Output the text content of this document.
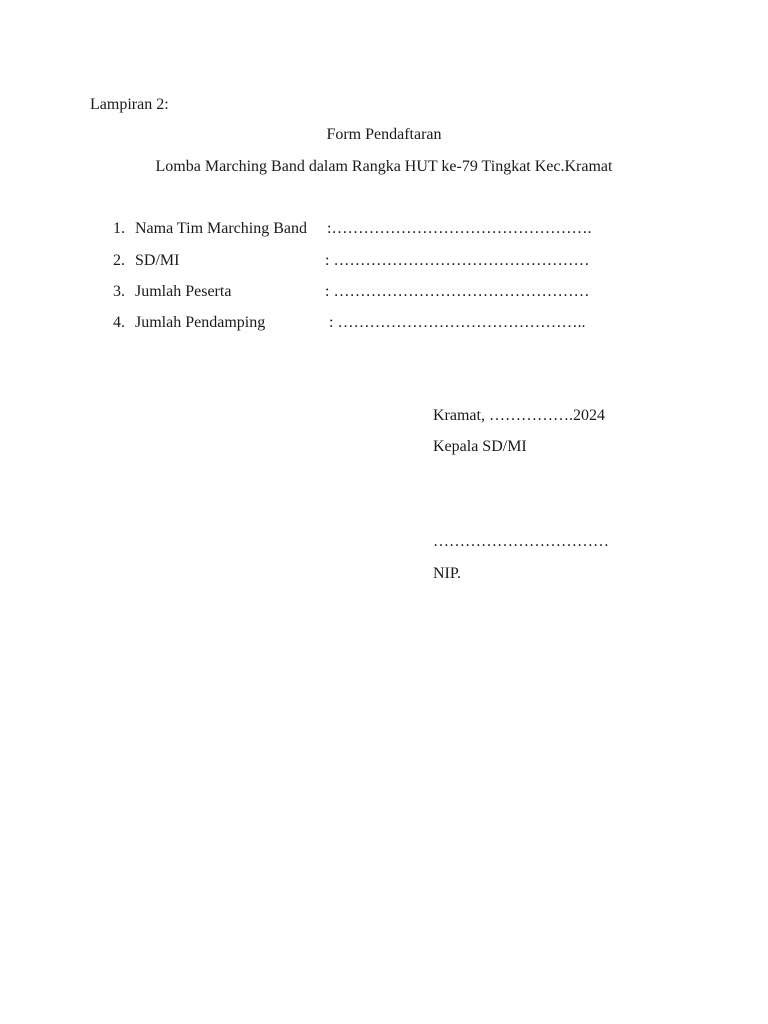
Lampiran 2:
Form Pendaftaran
Lomba Marching Band dalam Rangka HUT ke-79 Tingkat Kec.Kramat
1. Nama Tim Marching Band :………………………………………….
2. SD/MI	: …………………………………………
3. Jumlah Peserta	: …………………………………………
4. Jumlah Pendamping	: ………………………………………..
Kramat, …………….2024
Kepala SD/MI
……………………………
NIP.
